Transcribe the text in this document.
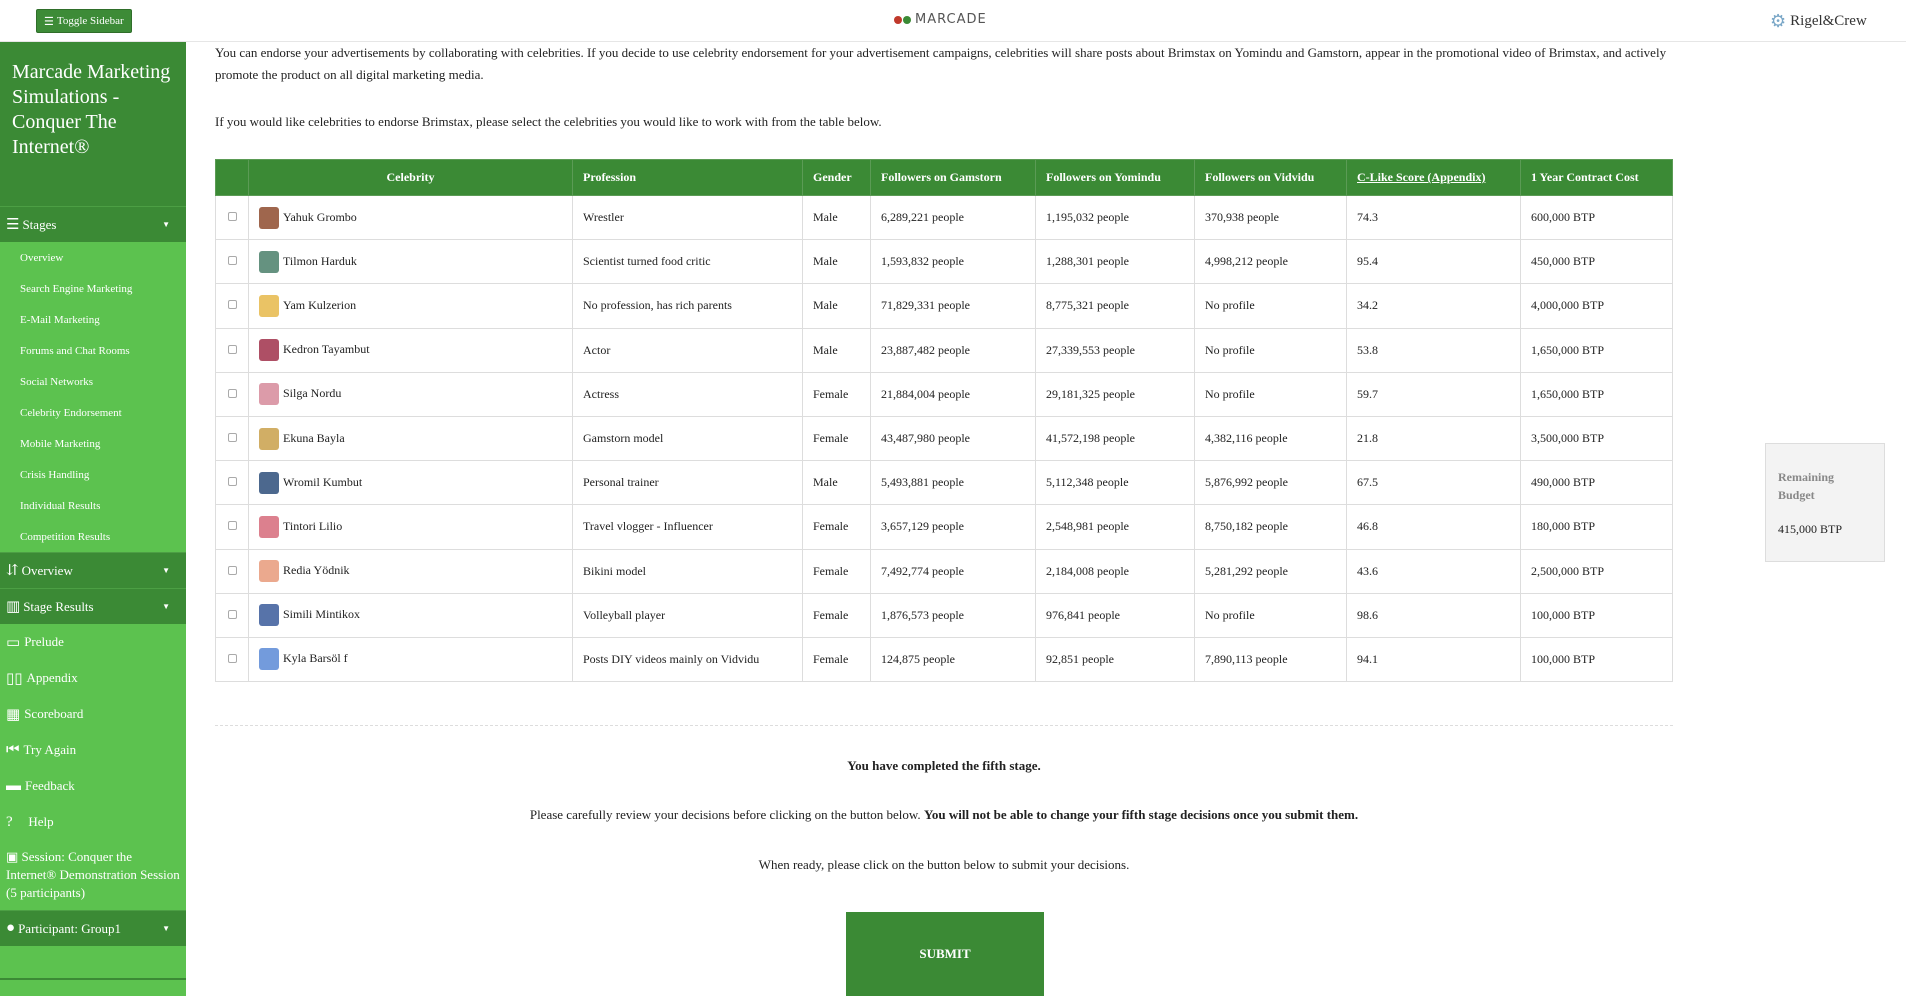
☰ Toggle Sidebar	MARCADE	⚙ Rigel&Crew
Marcade Marketing Simulations - Conquer The Internet®
☰ Stages	▼
Overview
Search Engine Marketing
E-Mail Marketing
Forums and Chat Rooms
Social Networks
Celebrity Endorsement
Mobile Marketing
Crisis Handling
Individual Results
Competition Results
⇵ Overview	▼
▥ Stage Results	▼
▭ Prelude
▯▯ Appendix
▦ Scoreboard
⏮ Try Again
▬ Feedback
?⃝ Help
▣ Session: Conquer the Internet® Demonstration Session (5 participants)
● Participant: Group1	▼

You can endorse your advertisements by collaborating with celebrities. If you decide to use celebrity endorsement for your advertisement campaigns, celebrities will share posts about Brimstax on Yomindu and Gamstorn, appear in the promotional video of Brimstax, and actively promote the product on all digital marketing media.

If you would like celebrities to endorse Brimstax, please select the celebrities you would like to work with from the table below.

	Celebrity	Profession	Gender	Followers on Gamstorn	Followers on Yomindu	Followers on Vidvidu	C-Like Score (Appendix)	1 Year Contract Cost
	Yahuk Grombo	Wrestler	Male	6,289,221 people	1,195,032 people	370,938 people	74.3	600,000 BTP
	Tilmon Harduk	Scientist turned food critic	Male	1,593,832 people	1,288,301 people	4,998,212 people	95.4	450,000 BTP
	Yam Kulzerion	No profession, has rich parents	Male	71,829,331 people	8,775,321 people	No profile	34.2	4,000,000 BTP
	Kedron Tayambut	Actor	Male	23,887,482 people	27,339,553 people	No profile	53.8	1,650,000 BTP
	Silga Nordu	Actress	Female	21,884,004 people	29,181,325 people	No profile	59.7	1,650,000 BTP
	Ekuna Bayla	Gamstorn model	Female	43,487,980 people	41,572,198 people	4,382,116 people	21.8	3,500,000 BTP
	Wromil Kumbut	Personal trainer	Male	5,493,881 people	5,112,348 people	5,876,992 people	67.5	490,000 BTP
	Tintori Lilio	Travel vlogger - Influencer	Female	3,657,129 people	2,548,981 people	8,750,182 people	46.8	180,000 BTP
	Redia Yödnik	Bikini model	Female	7,492,774 people	2,184,008 people	5,281,292 people	43.6	2,500,000 BTP
	Simili Mintikox	Volleyball player	Female	1,876,573 people	976,841 people	No profile	98.6	100,000 BTP
	Kyla Barsöl f	Posts DIY videos mainly on Vidvidu	Female	124,875 people	92,851 people	7,890,113 people	94.1	100,000 BTP

You have completed the fifth stage.

Please carefully review your decisions before clicking on the button below. You will not be able to change your fifth stage decisions once you submit them.

When ready, please click on the button below to submit your decisions.

SUBMIT
Remaining Budget
415,000 BTP
